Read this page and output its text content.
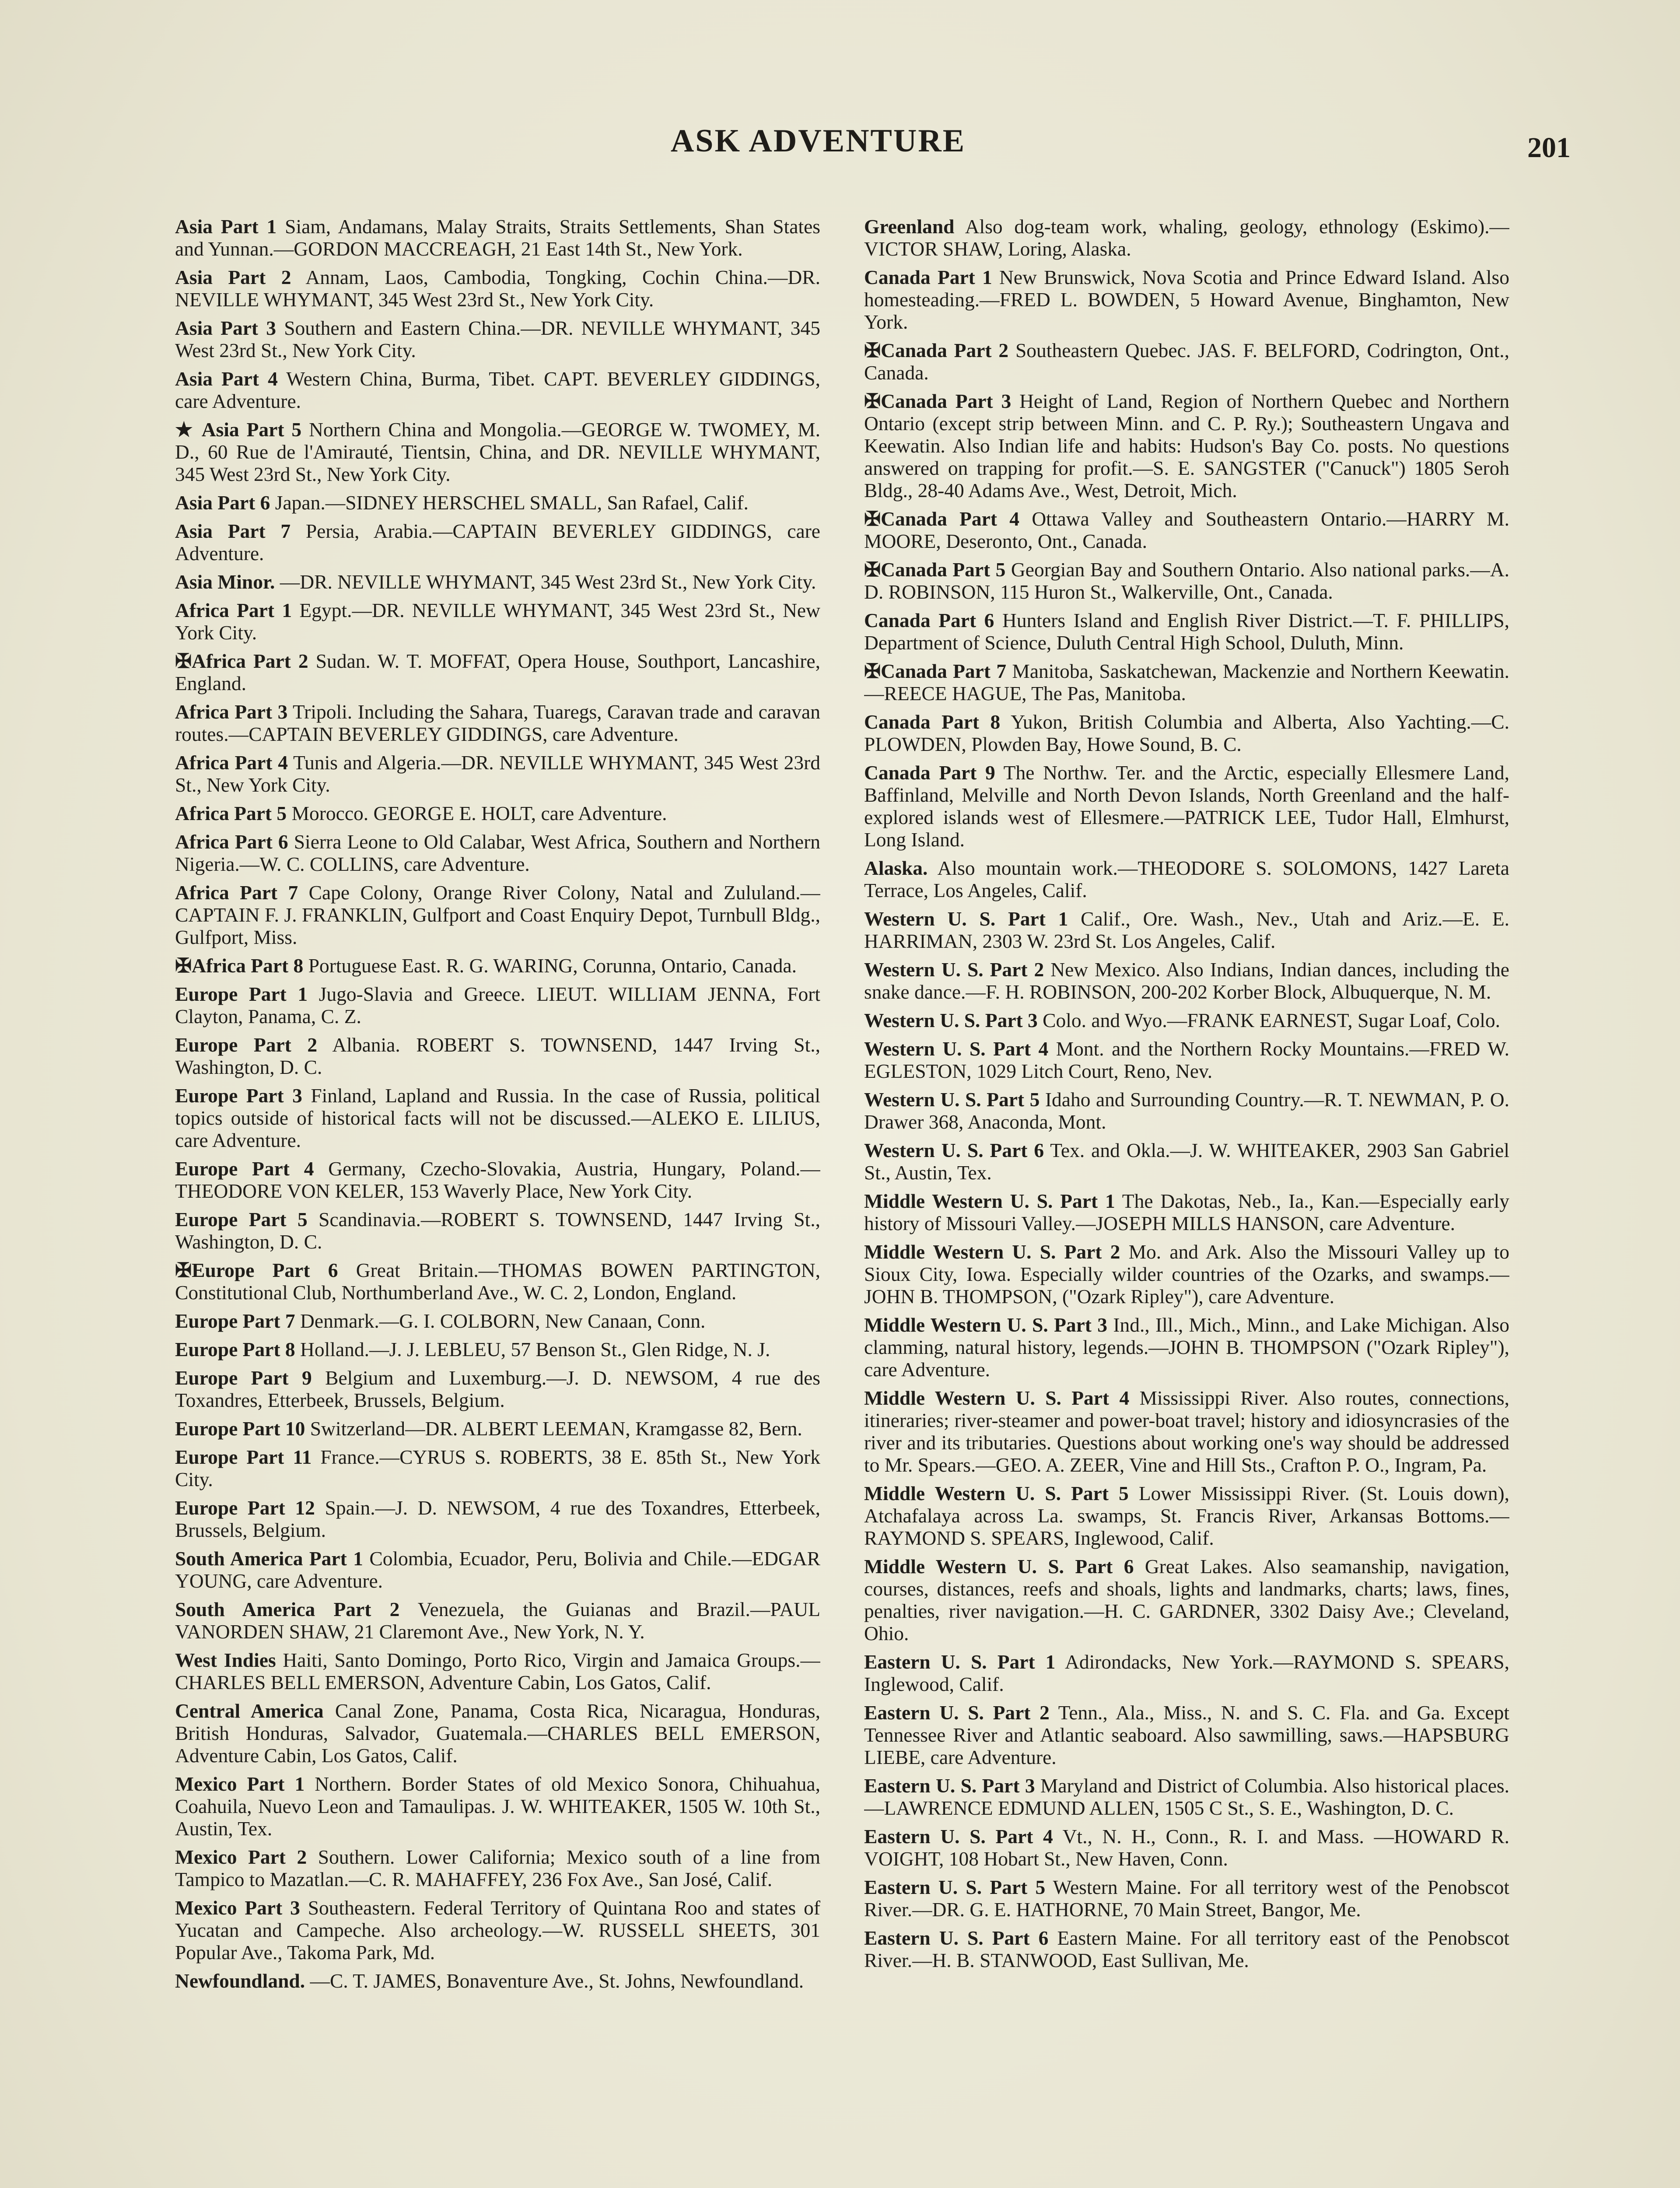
ASK ADVENTURE	201

Asia Part 1 Siam, Andamans, Malay Straits, Straits Settlements, Shan States and Yunnan.—GORDON MACCREAGH, 21 East 14th St., New York.

Asia Part 2 Annam, Laos, Cambodia, Tongking, Cochin China.—DR. NEVILLE WHYMANT, 345 West 23rd St., New York City.

Asia Part 3 Southern and Eastern China.—DR. NEVILLE WHYMANT, 345 West 23rd St., New York City.

Asia Part 4 Western China, Burma, Tibet. CAPT. BEVERLEY GIDDINGS, care Adventure.

★ Asia Part 5 Northern China and Mongolia.—GEORGE W. TWOMEY, M. D., 60 Rue de l'Amirauté, Tientsin, China, and DR. NEVILLE WHYMANT, 345 West 23rd St., New York City.

Asia Part 6 Japan.—SIDNEY HERSCHEL SMALL, San Rafael, Calif.

Asia Part 7 Persia, Arabia.—CAPTAIN BEVERLEY GIDDINGS, care Adventure.

Asia Minor. —DR. NEVILLE WHYMANT, 345 West 23rd St., New York City.

Africa Part 1 Egypt.—DR. NEVILLE WHYMANT, 345 West 23rd St., New York City.

✠Africa Part 2 Sudan. W. T. MOFFAT, Opera House, Southport, Lancashire, England.

Africa Part 3 Tripoli. Including the Sahara, Tuaregs, Caravan trade and caravan routes.—CAPTAIN BEVERLEY GIDDINGS, care Adventure.

Africa Part 4 Tunis and Algeria.—DR. NEVILLE WHYMANT, 345 West 23rd St., New York City.

Africa Part 5 Morocco. GEORGE E. HOLT, care Adventure.

Africa Part 6 Sierra Leone to Old Calabar, West Africa, Southern and Northern Nigeria.—W. C. COLLINS, care Adventure.

Africa Part 7 Cape Colony, Orange River Colony, Natal and Zululand.—CAPTAIN F. J. FRANKLIN, Gulfport and Coast Enquiry Depot, Turnbull Bldg., Gulfport, Miss.

✠Africa Part 8 Portuguese East. R. G. WARING, Corunna, Ontario, Canada.

Europe Part 1 Jugo-Slavia and Greece. LIEUT. WILLIAM JENNA, Fort Clayton, Panama, C. Z.

Europe Part 2 Albania. ROBERT S. TOWNSEND, 1447 Irving St., Washington, D. C.

Europe Part 3 Finland, Lapland and Russia. In the case of Russia, political topics outside of historical facts will not be discussed.—ALEKO E. LILIUS, care Adventure.

Europe Part 4 Germany, Czecho-Slovakia, Austria, Hungary, Poland.—THEODORE VON KELER, 153 Waverly Place, New York City.

Europe Part 5 Scandinavia.—ROBERT S. TOWNSEND, 1447 Irving St., Washington, D. C.

✠Europe Part 6 Great Britain.—THOMAS BOWEN PARTINGTON, Constitutional Club, Northumberland Ave., W. C. 2, London, England.

Europe Part 7 Denmark.—G. I. COLBORN, New Canaan, Conn.

Europe Part 8 Holland.—J. J. LEBLEU, 57 Benson St., Glen Ridge, N. J.

Europe Part 9 Belgium and Luxemburg.—J. D. NEWSOM, 4 rue des Toxandres, Etterbeek, Brussels, Belgium.

Europe Part 10 Switzerland—DR. ALBERT LEEMAN, Kramgasse 82, Bern.

Europe Part 11 France.—CYRUS S. ROBERTS, 38 E. 85th St., New York City.

Europe Part 12 Spain.—J. D. NEWSOM, 4 rue des Toxandres, Etterbeek, Brussels, Belgium.

South America Part 1 Colombia, Ecuador, Peru, Bolivia and Chile.—EDGAR YOUNG, care Adventure.

South America Part 2 Venezuela, the Guianas and Brazil.—PAUL VANORDEN SHAW, 21 Claremont Ave., New York, N. Y.

West Indies Haiti, Santo Domingo, Porto Rico, Virgin and Jamaica Groups.—CHARLES BELL EMERSON, Adventure Cabin, Los Gatos, Calif.

Central America Canal Zone, Panama, Costa Rica, Nicaragua, Honduras, British Honduras, Salvador, Guatemala.—CHARLES BELL EMERSON, Adventure Cabin, Los Gatos, Calif.

Mexico Part 1 Northern. Border States of old Mexico Sonora, Chihuahua, Coahuila, Nuevo Leon and Tamaulipas. J. W. WHITEAKER, 1505 W. 10th St., Austin, Tex.

Mexico Part 2 Southern. Lower California; Mexico south of a line from Tampico to Mazatlan.—C. R. MAHAFFEY, 236 Fox Ave., San José, Calif.

Mexico Part 3 Southeastern. Federal Territory of Quintana Roo and states of Yucatan and Campeche. Also archeology.—W. RUSSELL SHEETS, 301 Popular Ave., Takoma Park, Md.

Newfoundland. —C. T. JAMES, Bonaventure Ave., St. Johns, Newfoundland.

Greenland Also dog-team work, whaling, geology, ethnology (Eskimo).—VICTOR SHAW, Loring, Alaska.

Canada Part 1 New Brunswick, Nova Scotia and Prince Edward Island. Also homesteading.—FRED L. BOWDEN, 5 Howard Avenue, Binghamton, New York.

✠Canada Part 2 Southeastern Quebec. JAS. F. BELFORD, Codrington, Ont., Canada.

✠Canada Part 3 Height of Land, Region of Northern Quebec and Northern Ontario (except strip between Minn. and C. P. Ry.); Southeastern Ungava and Keewatin. Also Indian life and habits: Hudson's Bay Co. posts. No questions answered on trapping for profit.—S. E. SANGSTER ("Canuck") 1805 Seroh Bldg., 28-40 Adams Ave., West, Detroit, Mich.

✠Canada Part 4 Ottawa Valley and Southeastern Ontario.—HARRY M. MOORE, Deseronto, Ont., Canada.

✠Canada Part 5 Georgian Bay and Southern Ontario. Also national parks.—A. D. ROBINSON, 115 Huron St., Walkerville, Ont., Canada.

Canada Part 6 Hunters Island and English River District.—T. F. PHILLIPS, Department of Science, Duluth Central High School, Duluth, Minn.

✠Canada Part 7 Manitoba, Saskatchewan, Mackenzie and Northern Keewatin.—REECE HAGUE, The Pas, Manitoba.

Canada Part 8 Yukon, British Columbia and Alberta, Also Yachting.—C. PLOWDEN, Plowden Bay, Howe Sound, B. C.

Canada Part 9 The Northw. Ter. and the Arctic, especially Ellesmere Land, Baffinland, Melville and North Devon Islands, North Greenland and the half-explored islands west of Ellesmere.—PATRICK LEE, Tudor Hall, Elmhurst, Long Island.

Alaska. Also mountain work.—THEODORE S. SOLOMONS, 1427 Lareta Terrace, Los Angeles, Calif.

Western U. S. Part 1 Calif., Ore. Wash., Nev., Utah and Ariz.—E. E. HARRIMAN, 2303 W. 23rd St. Los Angeles, Calif.

Western U. S. Part 2 New Mexico. Also Indians, Indian dances, including the snake dance.—F. H. ROBINSON, 200-202 Korber Block, Albuquerque, N. M.

Western U. S. Part 3 Colo. and Wyo.—FRANK EARNEST, Sugar Loaf, Colo.

Western U. S. Part 4 Mont. and the Northern Rocky Mountains.—FRED W. EGLESTON, 1029 Litch Court, Reno, Nev.

Western U. S. Part 5 Idaho and Surrounding Country.—R. T. NEWMAN, P. O. Drawer 368, Anaconda, Mont.

Western U. S. Part 6 Tex. and Okla.—J. W. WHITEAKER, 2903 San Gabriel St., Austin, Tex.

Middle Western U. S. Part 1 The Dakotas, Neb., Ia., Kan.—Especially early history of Missouri Valley.—JOSEPH MILLS HANSON, care Adventure.

Middle Western U. S. Part 2 Mo. and Ark. Also the Missouri Valley up to Sioux City, Iowa. Especially wilder countries of the Ozarks, and swamps.—JOHN B. THOMPSON, ("Ozark Ripley"), care Adventure.

Middle Western U. S. Part 3 Ind., Ill., Mich., Minn., and Lake Michigan. Also clamming, natural history, legends.—JOHN B. THOMPSON ("Ozark Ripley"), care Adventure.

Middle Western U. S. Part 4 Mississippi River. Also routes, connections, itineraries; river-steamer and power-boat travel; history and idiosyncrasies of the river and its tributaries. Questions about working one's way should be addressed to Mr. Spears.—GEO. A. ZEER, Vine and Hill Sts., Crafton P. O., Ingram, Pa.

Middle Western U. S. Part 5 Lower Mississippi River. (St. Louis down), Atchafalaya across La. swamps, St. Francis River, Arkansas Bottoms.—RAYMOND S. SPEARS, Inglewood, Calif.

Middle Western U. S. Part 6 Great Lakes. Also seamanship, navigation, courses, distances, reefs and shoals, lights and landmarks, charts; laws, fines, penalties, river navigation.—H. C. GARDNER, 3302 Daisy Ave.; Cleveland, Ohio.

Eastern U. S. Part 1 Adirondacks, New York.—RAYMOND S. SPEARS, Inglewood, Calif.

Eastern U. S. Part 2 Tenn., Ala., Miss., N. and S. C. Fla. and Ga. Except Tennessee River and Atlantic seaboard. Also sawmilling, saws.—HAPSBURG LIEBE, care Adventure.

Eastern U. S. Part 3 Maryland and District of Columbia. Also historical places.—LAWRENCE EDMUND ALLEN, 1505 C St., S. E., Washington, D. C.

Eastern U. S. Part 4 Vt., N. H., Conn., R. I. and Mass. —HOWARD R. VOIGHT, 108 Hobart St., New Haven, Conn.

Eastern U. S. Part 5 Western Maine. For all territory west of the Penobscot River.—DR. G. E. HATHORNE, 70 Main Street, Bangor, Me.

Eastern U. S. Part 6 Eastern Maine. For all territory east of the Penobscot River.—H. B. STANWOOD, East Sullivan, Me.
